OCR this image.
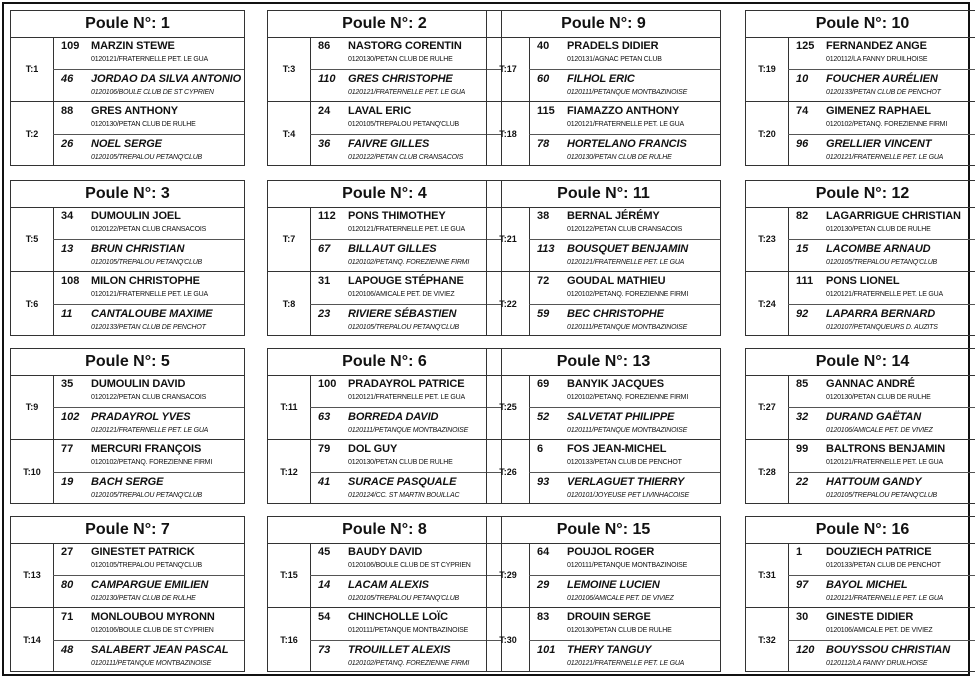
Poule N°: 1
T:1
109	MARZIN STEWE
0120121/FRATERNELLE PET. LE GUA
46	JORDAO DA SILVA ANTONIO
0120106/BOULE CLUB DE ST CYPRIEN
T:2
88	GRES ANTHONY
0120130/PETAN CLUB DE RULHE
26	NOEL SERGE
0120105/TREPALOU PETANQ'CLUB
Poule N°: 2
T:3
86	NASTORG CORENTIN
0120130/PETAN CLUB DE RULHE
110	GRES CHRISTOPHE
0120121/FRATERNELLE PET. LE GUA
T:4
24	LAVAL ERIC
0120105/TREPALOU PETANQ'CLUB
36	FAIVRE GILLES
0120122/PETAN CLUB CRANSACOIS
Poule N°: 9
T:17
40	PRADELS DIDIER
0120131/AGNAC PETAN CLUB
60	FILHOL ERIC
0120111/PETANQUE MONTBAZINOISE
T:18
115	FIAMAZZO ANTHONY
0120121/FRATERNELLE PET. LE GUA
78	HORTELANO FRANCIS
0120130/PETAN CLUB DE RULHE
Poule N°: 10
T:19
125	FERNANDEZ ANGE
0120112/LA FANNY DRUILHOISE
10	FOUCHER AURÉLIEN
0120133/PETAN CLUB DE PENCHOT
T:20
74	GIMENEZ RAPHAEL
0120102/PETANQ. FOREZIENNE FIRMI
96	GRELLIER VINCENT
0120121/FRATERNELLE PET. LE GUA
Poule N°: 3
T:5
34	DUMOULIN JOEL
0120122/PETAN CLUB CRANSACOIS
13	BRUN CHRISTIAN
0120105/TREPALOU PETANQ'CLUB
T:6
108	MILON CHRISTOPHE
0120121/FRATERNELLE PET. LE GUA
11	CANTALOUBE MAXIME
0120133/PETAN CLUB DE PENCHOT
Poule N°: 4
T:7
112	PONS THIMOTHEY
0120121/FRATERNELLE PET. LE GUA
67	BILLAUT GILLES
0120102/PETANQ. FOREZIENNE FIRMI
T:8
31	LAPOUGE STÉPHANE
0120106/AMICALE PET. DE VIVIEZ
23	RIVIERE SÉBASTIEN
0120105/TREPALOU PETANQ'CLUB
Poule N°: 11
T:21
38	BERNAL JÉRÉMY
0120122/PETAN CLUB CRANSACOIS
113	BOUSQUET BENJAMIN
0120121/FRATERNELLE PET. LE GUA
T:22
72	GOUDAL MATHIEU
0120102/PETANQ. FOREZIENNE FIRMI
59	BEC CHRISTOPHE
0120111/PETANQUE MONTBAZINOISE
Poule N°: 12
T:23
82	LAGARRIGUE CHRISTIAN
0120130/PETAN CLUB DE RULHE
15	LACOMBE ARNAUD
0120105/TREPALOU PETANQ'CLUB
T:24
111	PONS LIONEL
0120121/FRATERNELLE PET. LE GUA
92	LAPARRA BERNARD
0120107/PETANQUEURS D. AUZITS
Poule N°: 5
T:9
35	DUMOULIN DAVID
0120122/PETAN CLUB CRANSACOIS
102	PRADAYROL YVES
0120121/FRATERNELLE PET. LE GUA
T:10
77	MERCURI FRANÇOIS
0120102/PETANQ. FOREZIENNE FIRMI
19	BACH SERGE
0120105/TREPALOU PETANQ'CLUB
Poule N°: 6
T:11
100	PRADAYROL PATRICE
0120121/FRATERNELLE PET. LE GUA
63	BORREDA DAVID
0120111/PETANQUE MONTBAZINOISE
T:12
79	DOL GUY
0120130/PETAN CLUB DE RULHE
41	SURACE PASQUALE
0120124/CC. ST MARTIN BOUILLAC
Poule N°: 13
T:25
69	BANYIK JACQUES
0120102/PETANQ. FOREZIENNE FIRMI
52	SALVETAT PHILIPPE
0120111/PETANQUE MONTBAZINOISE
T:26
6	FOS JEAN-MICHEL
0120133/PETAN CLUB DE PENCHOT
93	VERLAGUET THIERRY
0120101/JOYEUSE PET LIVINHACOISE
Poule N°: 14
T:27
85	GANNAC ANDRÉ
0120130/PETAN CLUB DE RULHE
32	DURAND GAËTAN
0120106/AMICALE PET. DE VIVIEZ
T:28
99	BALTRONS BENJAMIN
0120121/FRATERNELLE PET. LE GUA
22	HATTOUM GANDY
0120105/TREPALOU PETANQ'CLUB
Poule N°: 7
T:13
27	GINESTET PATRICK
0120105/TREPALOU PETANQ'CLUB
80	CAMPARGUE EMILIEN
0120130/PETAN CLUB DE RULHE
T:14
71	MONLOUBOU MYRONN
0120106/BOULE CLUB DE ST CYPRIEN
48	SALABERT JEAN PASCAL
0120111/PETANQUE MONTBAZINOISE
Poule N°: 8
T:15
45	BAUDY DAVID
0120106/BOULE CLUB DE ST CYPRIEN
14	LACAM ALEXIS
0120105/TREPALOU PETANQ'CLUB
T:16
54	CHINCHOLLE LOÏC
0120111/PETANQUE MONTBAZINOISE
73	TROUILLET ALEXIS
0120102/PETANQ. FOREZIENNE FIRMI
Poule N°: 15
T:29
64	POUJOL ROGER
0120111/PETANQUE MONTBAZINOISE
29	LEMOINE LUCIEN
0120106/AMICALE PET. DE VIVIEZ
T:30
83	DROUIN SERGE
0120130/PETAN CLUB DE RULHE
101	THERY TANGUY
0120121/FRATERNELLE PET. LE GUA
Poule N°: 16
T:31
1	DOUZIECH PATRICE
0120133/PETAN CLUB DE PENCHOT
97	BAYOL MICHEL
0120121/FRATERNELLE PET. LE GUA
T:32
30	GINESTE DIDIER
0120106/AMICALE PET. DE VIVIEZ
120	BOUYSSOU CHRISTIAN
0120112/LA FANNY DRUILHOISE
